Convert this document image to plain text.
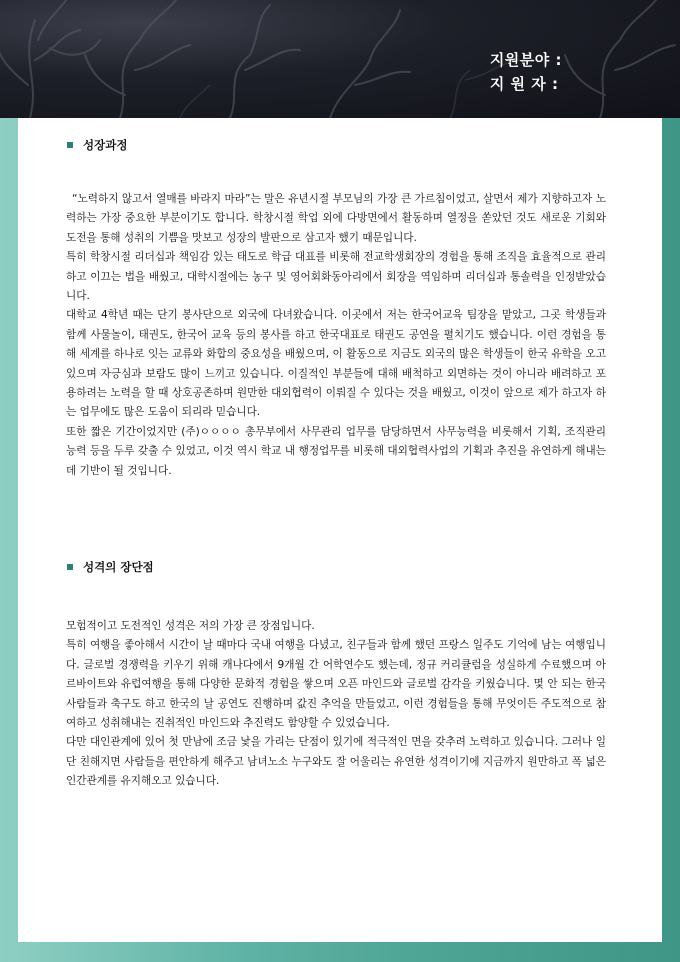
지원분야 :
지 원 자 :
성장과정

“노력하지 않고서 열매를 바라지 마라”는 말은 유년시절 부모님의 가장 큰 가르침이었고, 살면서 제가 지향하고자 노력하는 가장 중요한 부분이기도 합니다. 학창시절 학업 외에 다방면에서 활동하며 열정을 쏟았던 것도 새로운 기회와 도전을 통해 성취의 기쁨을 맛보고 성장의 발판으로 삼고자 했기 때문입니다.

특히 학창시절 리더십과 책임감 있는 태도로 학급 대표를 비롯해 전교학생회장의 경험을 통해 조직을 효율적으로 관리하고 이끄는 법을 배웠고, 대학시절에는 농구 및 영어회화동아리에서 회장을 역임하며 리더십과 통솔력을 인정받았습니다.

대학교 4학년 때는 단기 봉사단으로 외국에 다녀왔습니다. 이곳에서 저는 한국어교육 팀장을 맡았고, 그곳 학생들과 함께 사물놀이, 태권도, 한국어 교육 등의 봉사를 하고 한국대표로 태권도 공연을 펼치기도 했습니다. 이런 경험을 통해 세계를 하나로 잇는 교류와 화합의 중요성을 배웠으며, 이 활동으로 지금도 외국의 많은 학생들이 한국 유학을 오고 있으며 자긍심과 보람도 많이 느끼고 있습니다. 이질적인 부분들에 대해 배척하고 외면하는 것이 아니라 배려하고 포용하려는 노력을 할 때 상호공존하며 원만한 대외협력이 이뤄질 수 있다는 것을 배웠고, 이것이 앞으로 제가 하고자 하는 업무에도 많은 도움이 되리라 믿습니다.

또한 짧은 기간이었지만 (주)ㅇㅇㅇㅇ 총무부에서 사무관리 업무를 담당하면서 사무능력을 비롯해서 기획, 조직관리 능력 등을 두루 갖출 수 있었고, 이것 역시 학교 내 행정업무를 비롯해 대외협력사업의 기획과 추진을 유연하게 해내는데 기반이 될 것입니다.

성격의 장단점

모험적이고 도전적인 성격은 저의 가장 큰 장점입니다.

특히 여행을 좋아해서 시간이 날 때마다 국내 여행을 다녔고, 친구들과 함께 했던 프랑스 일주도 기억에 남는 여행입니다. 글로벌 경쟁력을 키우기 위해 캐나다에서 9개월 간 어학연수도 했는데, 정규 커리큘럼을 성실하게 수료했으며 아르바이트와 유럽여행을 통해 다양한 문화적 경험을 쌓으며 오픈 마인드와 글로벌 감각을 키웠습니다. 몇 안 되는 한국사람들과 축구도 하고 한국의 날 공연도 진행하며 값진 추억을 만들었고, 이런 경험들을 통해 무엇이든 주도적으로 참여하고 성취해내는 진취적인 마인드와 추진력도 함양할 수 있었습니다.

다만 대인관계에 있어 첫 만남에 조금 낯을 가리는 단점이 있기에 적극적인 면을 갖추려 노력하고 있습니다. 그러나 일단 친해지면 사람들을 편안하게 해주고 남녀노소 누구와도 잘 어울리는 유연한 성격이기에 지금까지 원만하고 폭 넓은 인간관계를 유지해오고 있습니다.
